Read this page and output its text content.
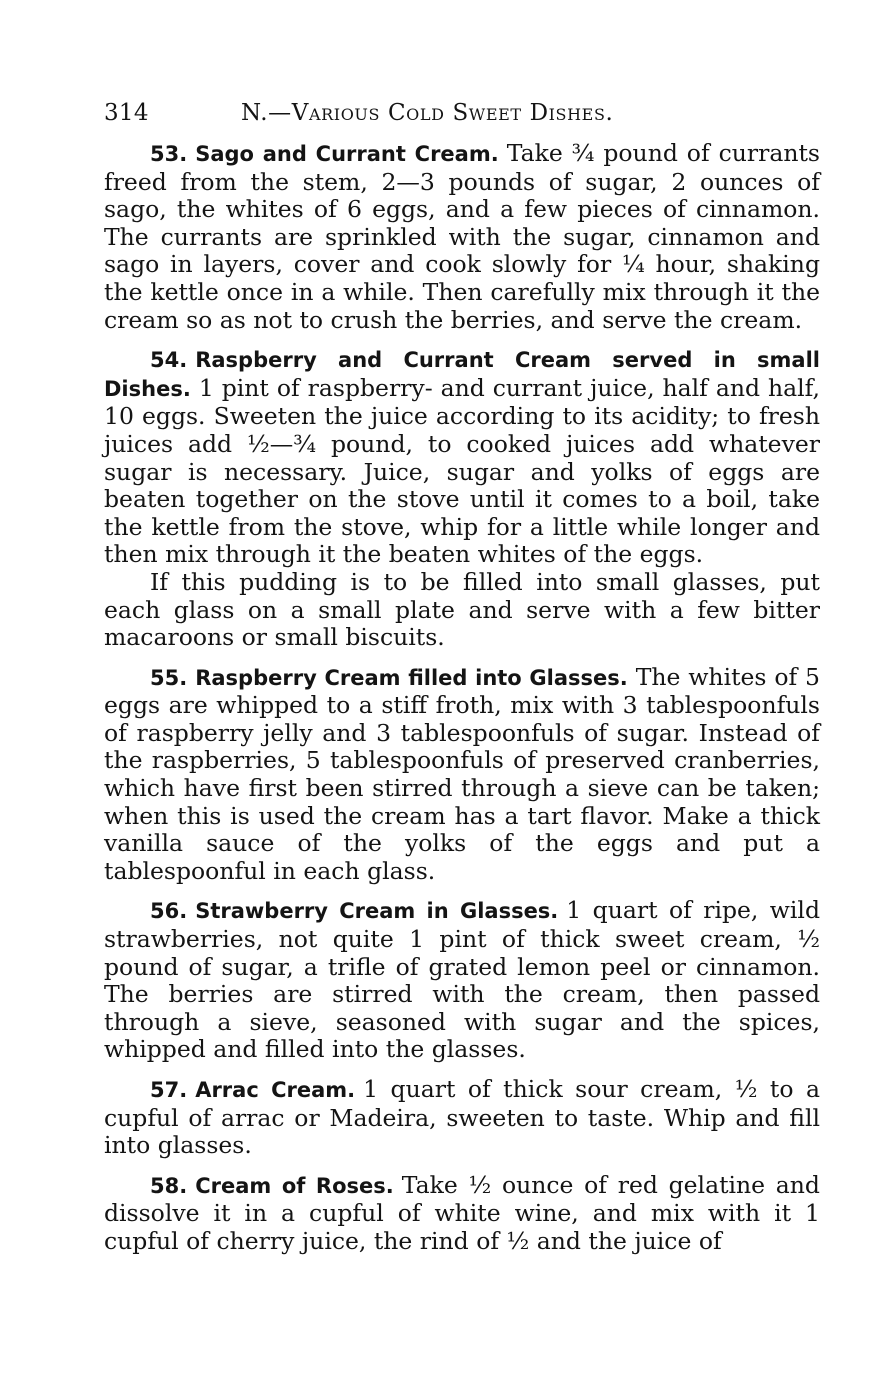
314	N.—Various Cold Sweet Dishes.

53. Sago and Currant Cream. Take ¾ pound of currants freed from the stem, 2—3 pounds of sugar, 2 ounces of sago, the whites of 6 eggs, and a few pieces of cinnamon. The currants are sprinkled with the sugar, cinnamon and sago in layers, cover and cook slowly for ¼ hour, shaking the kettle once in a while. Then carefully mix through it the cream so as not to crush the berries, and serve the cream.

54. Raspberry and Currant Cream served in small Dishes. 1 pint of raspberry- and currant juice, half and half, 10 eggs. Sweeten the juice according to its acidity; to fresh juices add ½—¾ pound, to cooked juices add whatever sugar is necessary. Juice, sugar and yolks of eggs are beaten together on the stove until it comes to a boil, take the kettle from the stove, whip for a little while longer and then mix through it the beaten whites of the eggs.

If this pudding is to be filled into small glasses, put each glass on a small plate and serve with a few bitter macaroons or small biscuits.

55. Raspberry Cream filled into Glasses. The whites of 5 eggs are whipped to a stiff froth, mix with 3 tablespoonfuls of raspberry jelly and 3 tablespoonfuls of sugar. Instead of the raspberries, 5 tablespoonfuls of preserved cranberries, which have first been stirred through a sieve can be taken; when this is used the cream has a tart flavor. Make a thick vanilla sauce of the yolks of the eggs and put a tablespoonful in each glass.

56. Strawberry Cream in Glasses. 1 quart of ripe, wild strawberries, not quite 1 pint of thick sweet cream, ½ pound of sugar, a trifle of grated lemon peel or cinnamon. The berries are stirred with the cream, then passed through a sieve, seasoned with sugar and the spices, whipped and filled into the glasses.

57. Arrac Cream. 1 quart of thick sour cream, ½ to a cupful of arrac or Madeira, sweeten to taste. Whip and fill into glasses.

58. Cream of Roses. Take ½ ounce of red gelatine and dissolve it in a cupful of white wine, and mix with it 1 cupful of cherry juice, the rind of ½ and the juice of
